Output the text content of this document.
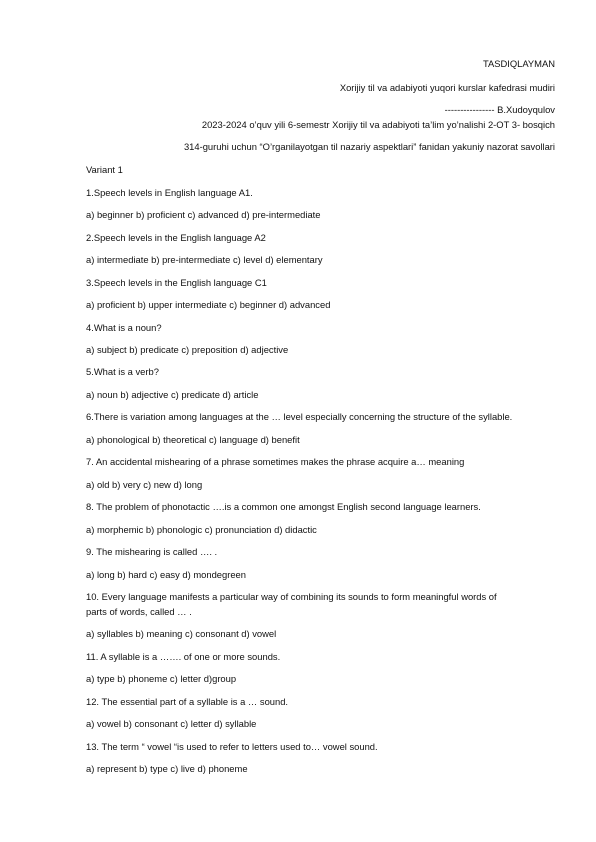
TASDIQLAYMAN
Xorijiy til va adabiyoti yuqori kurslar kafedrasi mudiri
---------------- B.Xudoyqulov
2023-2024 o’quv yili 6-semestr Xorijiy til va adabiyoti ta’lim yo’nalishi 2-OT 3- bosqich
314-guruhi uchun “O’rganilayotgan til nazariy aspektlari” fanidan yakuniy nazorat savollari
Variant 1
1.Speech levels in English language A1.
a) beginner b) proficient c) advanced d) pre-intermediate
2.Speech levels in the English language A2
a) intermediate b) pre-intermediate c) level d) elementary
3.Speech levels in the English language C1
a) proficient b) upper intermediate c) beginner d) advanced
4.What is a noun?
a) subject b) predicate c) preposition d) adjective
5.What is a verb?
a) noun b) adjective c) predicate d) article
6.There is variation among languages at the … level especially concerning the structure of the syllable.
a) phonological b) theoretical c) language d) benefit
7. An accidental mishearing of a phrase sometimes makes the phrase acquire a… meaning
a) old b) very c) new d) long
8. The problem of phonotactic ….is a common one amongst English second language learners.
a) morphemic b) phonologic c) pronunciation d) didactic
9. The mishearing is called …. .
a) long b) hard c) easy d) mondegreen
10. Every language manifests a particular way of combining its sounds to form meaningful words of
parts of words, called … .
a) syllables b) meaning c) consonant d) vowel
11. A syllable is a ……. of one or more sounds.
a) type b) phoneme c) letter d)group
12. The essential part of a syllable is a … sound.
a) vowel b) consonant c) letter d) syllable
13. The term “ vowel “is used to refer to letters used to… vowel sound.
a) represent b) type c) live d) phoneme
